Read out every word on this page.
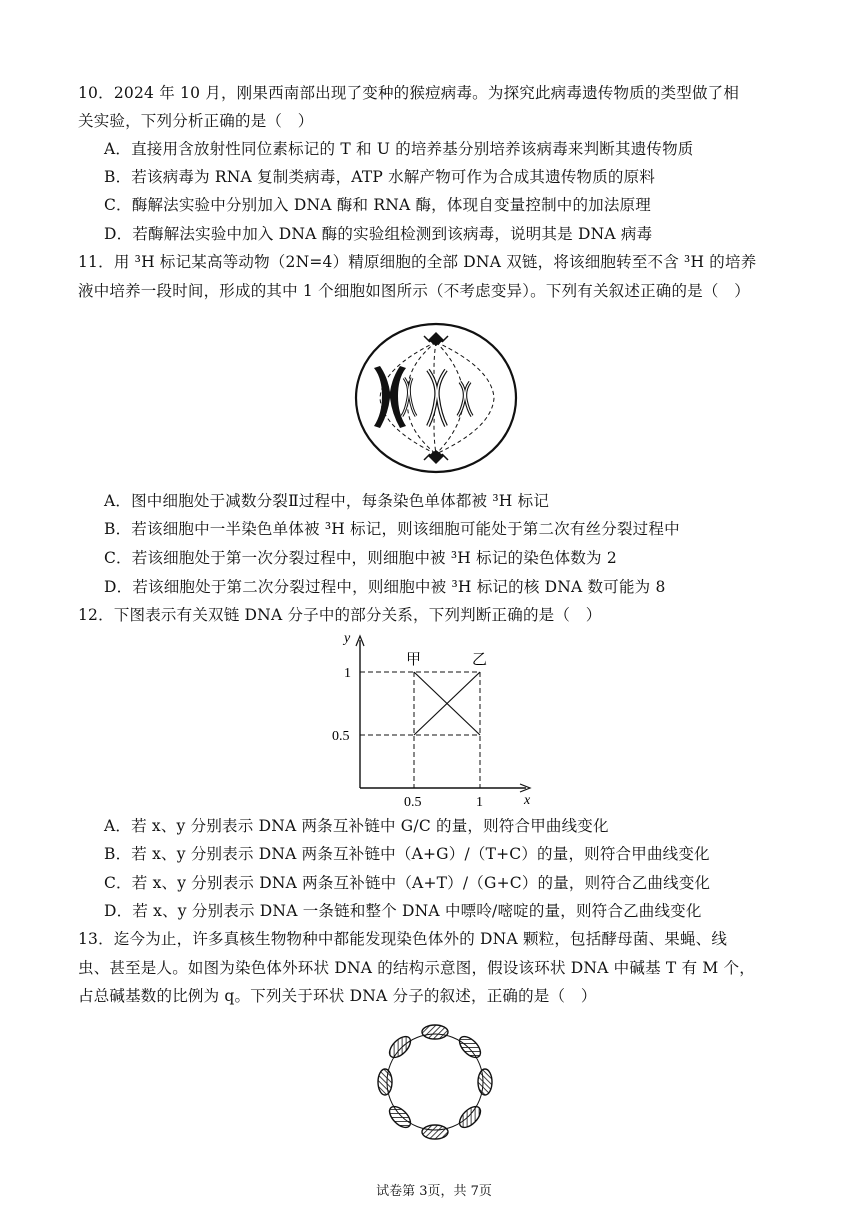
10．2024 年 10 月，刚果西南部出现了变种的猴痘病毒。为探究此病毒遗传物质的类型做了相
关实验，下列分析正确的是（　）
A．直接用含放射性同位素标记的 T 和 U 的培养基分别培养该病毒来判断其遗传物质
B．若该病毒为 RNA 复制类病毒，ATP 水解产物可作为合成其遗传物质的原料
C．酶解法实验中分别加入 DNA 酶和 RNA 酶，体现自变量控制中的加法原理
D．若酶解法实验中加入 DNA 酶的实验组检测到该病毒，说明其是 DNA 病毒
11．用 ³H 标记某高等动物（2N=4）精原细胞的全部 DNA 双链，将该细胞转至不含 ³H 的培养
液中培养一段时间，形成的其中 1 个细胞如图所示（不考虑变异）。下列有关叙述正确的是（　）
A．图中细胞处于减数分裂Ⅱ过程中，每条染色单体都被 ³H 标记
B．若该细胞中一半染色单体被 ³H 标记，则该细胞可能处于第二次有丝分裂过程中
C．若该细胞处于第一次分裂过程中，则细胞中被 ³H 标记的染色体数为 2
D．若该细胞处于第二次分裂过程中，则细胞中被 ³H 标记的核 DNA 数可能为 8
12．下图表示有关双链 DNA 分子中的部分关系，下列判断正确的是（　）
y
x
甲	乙
1
0.5
0.5	1
A．若 x、y 分别表示 DNA 两条互补链中 G/C 的量，则符合甲曲线变化
B．若 x、y 分别表示 DNA 两条互补链中（A+G）/（T+C）的量，则符合甲曲线变化
C．若 x、y 分别表示 DNA 两条互补链中（A+T）/（G+C）的量，则符合乙曲线变化
D．若 x、y 分别表示 DNA 一条链和整个 DNA 中嘌呤/嘧啶的量，则符合乙曲线变化
13．迄今为止，许多真核生物物种中都能发现染色体外的 DNA 颗粒，包括酵母菌、果蝇、线
虫、甚至是人。如图为染色体外环状 DNA 的结构示意图，假设该环状 DNA 中碱基 T 有 M 个，
占总碱基数的比例为 q。下列关于环状 DNA 分子的叙述，正确的是（　）
试卷第 3页，共 7页
